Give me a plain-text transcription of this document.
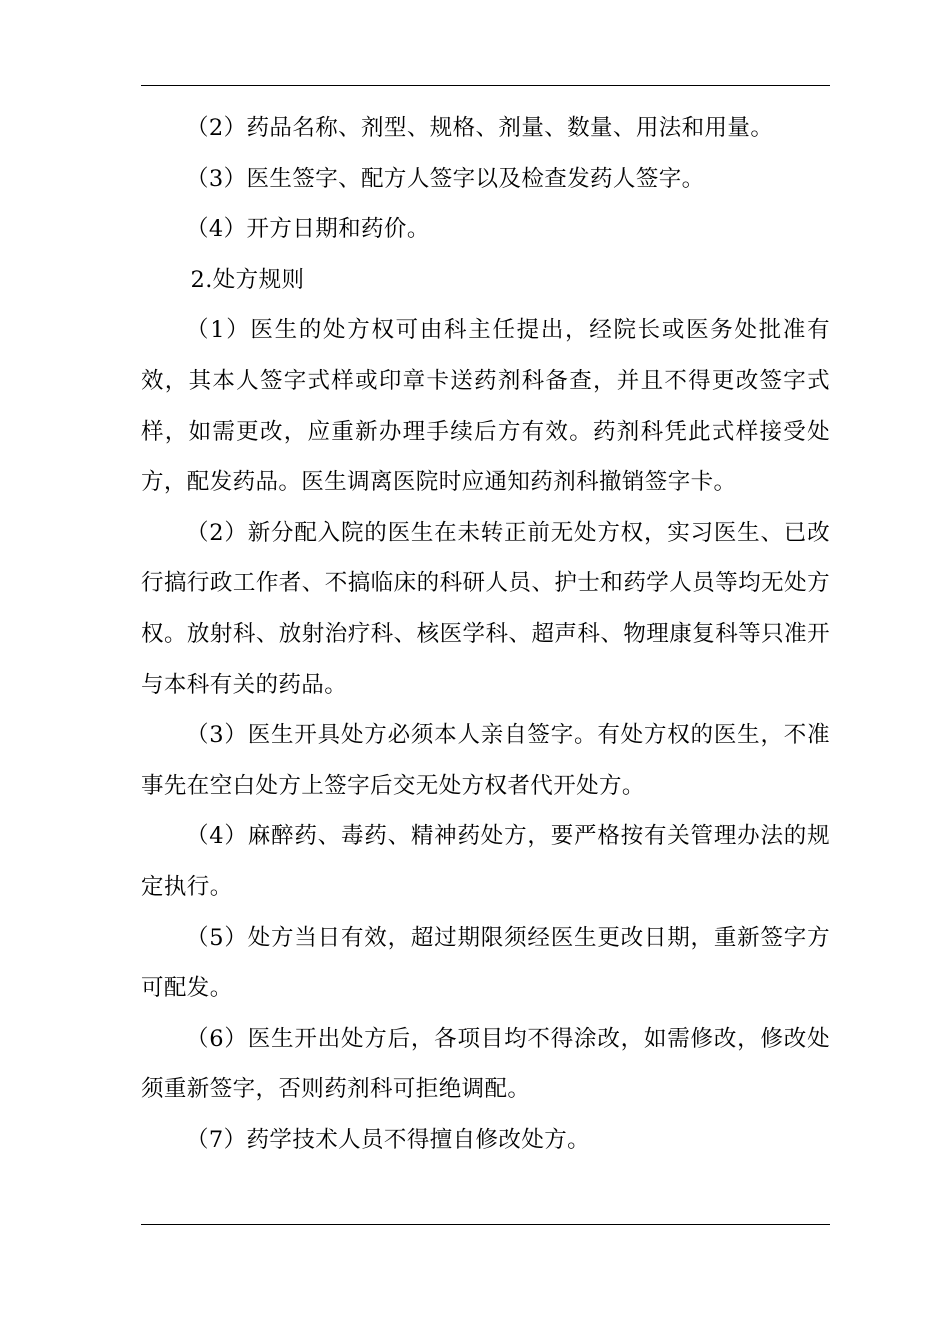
（2）药品名称、剂型、规格、剂量、数量、用法和用量。

（3）医生签字、配方人签字以及检查发药人签字。

（4）开方日期和药价。

2.处方规则

（1）医生的处方权可由科主任提出，经院长或医务处批准有效，其本人签字式样或印章卡送药剂科备查，并且不得更改签字式样，如需更改，应重新办理手续后方有效。药剂科凭此式样接受处方，配发药品。医生调离医院时应通知药剂科撤销签字卡。

（2）新分配入院的医生在未转正前无处方权，实习医生、已改行搞行政工作者、不搞临床的科研人员、护士和药学人员等均无处方权。放射科、放射治疗科、核医学科、超声科、物理康复科等只准开与本科有关的药品。

（3）医生开具处方必须本人亲自签字。有处方权的医生，不准事先在空白处方上签字后交无处方权者代开处方。

（4）麻醉药、毒药、精神药处方，要严格按有关管理办法的规定执行。

（5）处方当日有效，超过期限须经医生更改日期，重新签字方可配发。

（6）医生开出处方后，各项目均不得涂改，如需修改，修改处须重新签字，否则药剂科可拒绝调配。

（7）药学技术人员不得擅自修改处方。
